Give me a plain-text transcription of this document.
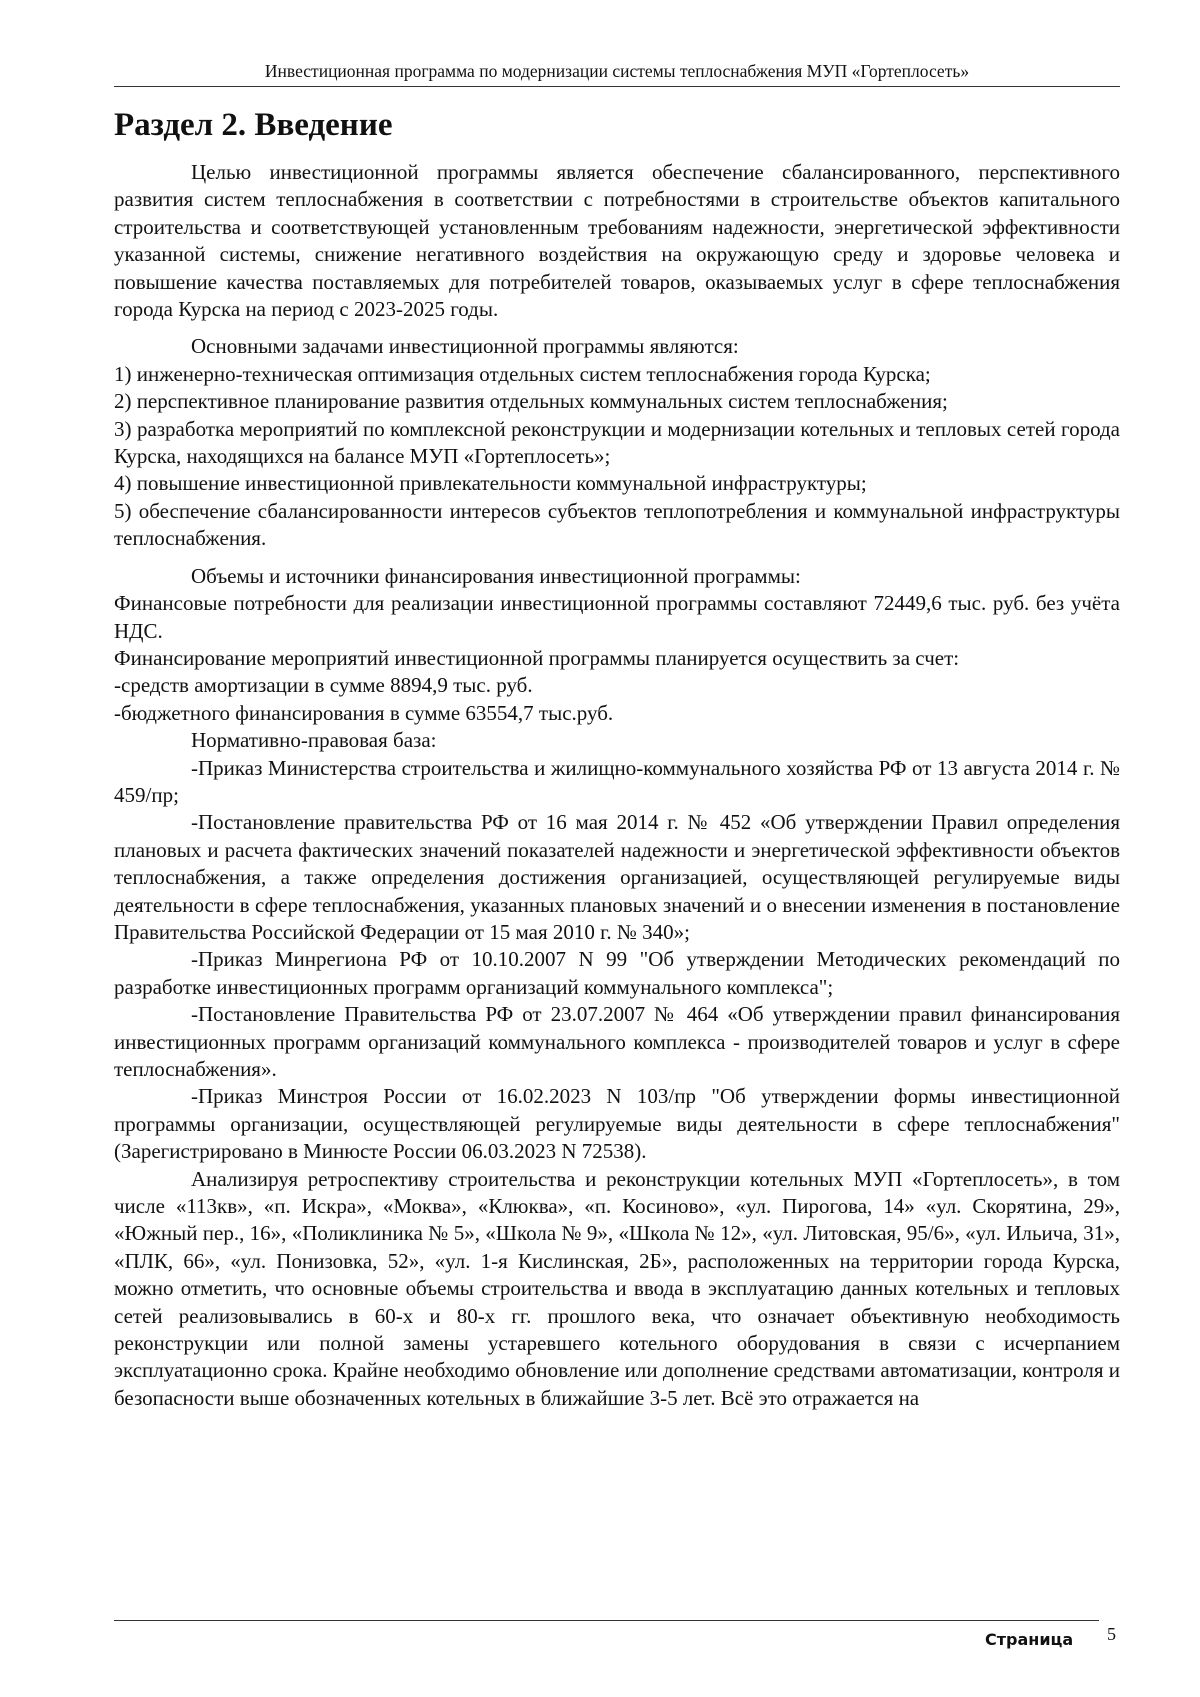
Инвестиционная программа по модернизации системы теплоснабжения МУП «Гортеплосеть»
Раздел 2. Введение

Целью инвестиционной программы является обеспечение сбалансированного, перспективного развития систем теплоснабжения в соответствии с потребностями в строительстве объектов капитального строительства и соответствующей установленным требованиям надежности, энергетической эффективности указанной системы, снижение негативного воздействия на окружающую среду и здоровье человека и повышение качества поставляемых для потребителей товаров, оказываемых услуг в сфере теплоснабжения города Курска на период с 2023-2025 годы.

Основными задачами инвестиционной программы являются:

1) инженерно-техническая оптимизация отдельных систем теплоснабжения города Курска;

2) перспективное планирование развития отдельных коммунальных систем теплоснабжения;

3) разработка мероприятий по комплексной реконструкции и модернизации котельных и тепловых сетей города Курска, находящихся на балансе МУП «Гортеплосеть»;

4) повышение инвестиционной привлекательности коммунальной инфраструктуры;

5) обеспечение сбалансированности интересов субъектов теплопотребления и коммунальной инфраструктуры теплоснабжения.

Объемы и источники финансирования инвестиционной программы:

Финансовые потребности для реализации инвестиционной программы составляют 72449,6 тыс. руб. без учёта НДС.

Финансирование мероприятий инвестиционной программы планируется осуществить за счет:

-средств амортизации в сумме 8894,9 тыс. руб.

-бюджетного финансирования в сумме 63554,7 тыс.руб.

Нормативно-правовая база:

-Приказ Министерства строительства и жилищно-коммунального хозяйства РФ от 13 августа 2014 г. № 459/пр;

-Постановление правительства РФ от 16 мая 2014 г. № 452 «Об утверждении Правил определения плановых и расчета фактических значений показателей надежности и энергетической эффективности объектов теплоснабжения, а также определения достижения организацией, осуществляющей регулируемые виды деятельности в сфере теплоснабжения, указанных плановых значений и о внесении изменения в постановление Правительства Российской Федерации от 15 мая 2010 г. № 340»;

-Приказ Минрегиона РФ от 10.10.2007 N 99 "Об утверждении Методических рекомендаций по разработке инвестиционных программ организаций коммунального комплекса";

-Постановление Правительства РФ от 23.07.2007 № 464 «Об утверждении правил финансирования инвестиционных программ организаций коммунального комплекса - производителей товаров и услуг в сфере теплоснабжения».

-Приказ Минстроя России от 16.02.2023 N 103/пр "Об утверждении формы инвестиционной программы организации, осуществляющей регулируемые виды деятельности в сфере теплоснабжения" (Зарегистрировано в Минюсте России 06.03.2023 N 72538).

Анализируя ретроспективу строительства и реконструкции котельных МУП «Гортеплосеть», в том числе «113кв», «п. Искра», «Моква», «Клюква», «п. Косиново», «ул. Пирогова, 14» «ул. Скорятина, 29», «Южный пер., 16», «Поликлиника № 5», «Школа № 9», «Школа № 12», «ул. Литовская, 95/6», «ул. Ильича, 31», «ПЛК, 66», «ул. Понизовка, 52», «ул. 1-я Кислинская, 2Б», расположенных на территории города Курска, можно отметить, что основные объемы строительства и ввода в эксплуатацию данных котельных и тепловых сетей реализовывались в 60-х и 80-х гг. прошлого века, что означает объективную необходимость реконструкции или полной замены устаревшего котельного оборудования в связи с исчерпанием эксплуатационно срока. Крайне необходимо обновление или дополнение средствами автоматизации, контроля и безопасности выше обозначенных котельных в ближайшие 3-5 лет. Всё это отражается на

Страница 5
